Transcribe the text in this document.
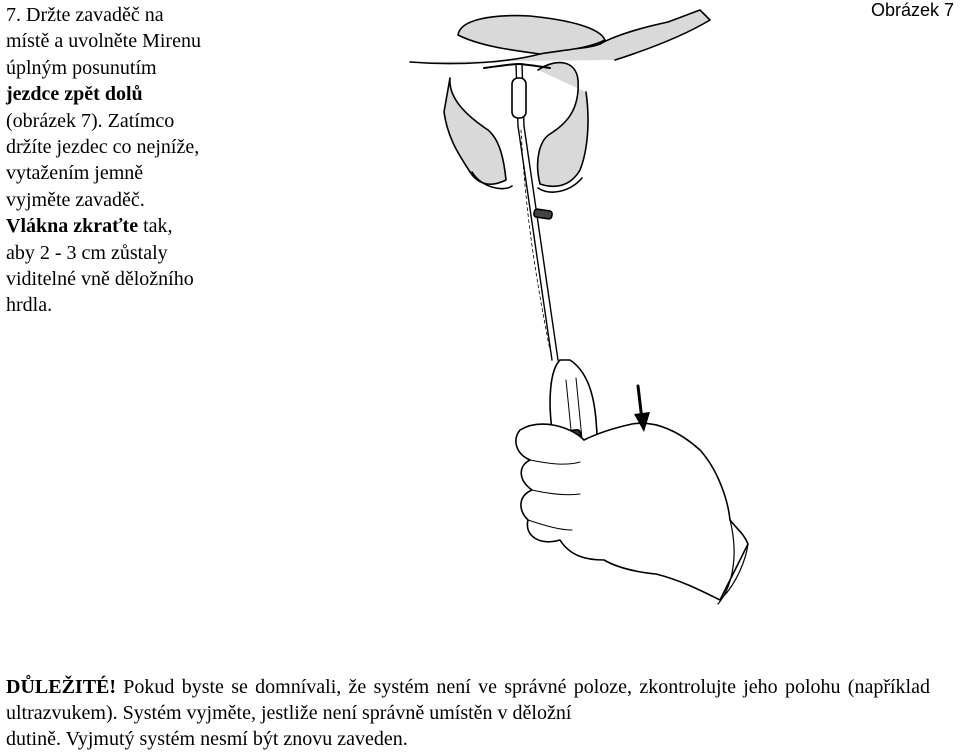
7. Držte zavaděč na
místě a uvolněte Mirenu
úplným posunutím
jezdce zpět dolů
(obrázek 7). Zatímco
držíte jezdec co nejníže,
vytažením jemně
vyjměte zavaděč.
Vlákna zkraťte tak,
aby 2 - 3 cm zůstaly
viditelné vně děložního
hrdla.
Obrázek 7
DŮLEŽITÉ! Pokud byste se domnívali, že systém není ve správné poloze, zkontrolujte jeho polohu (například ultrazvukem). Systém vyjměte, jestliže není správně umístěn v děložní
dutině. Vyjmutý systém nesmí být znovu zaveden.
